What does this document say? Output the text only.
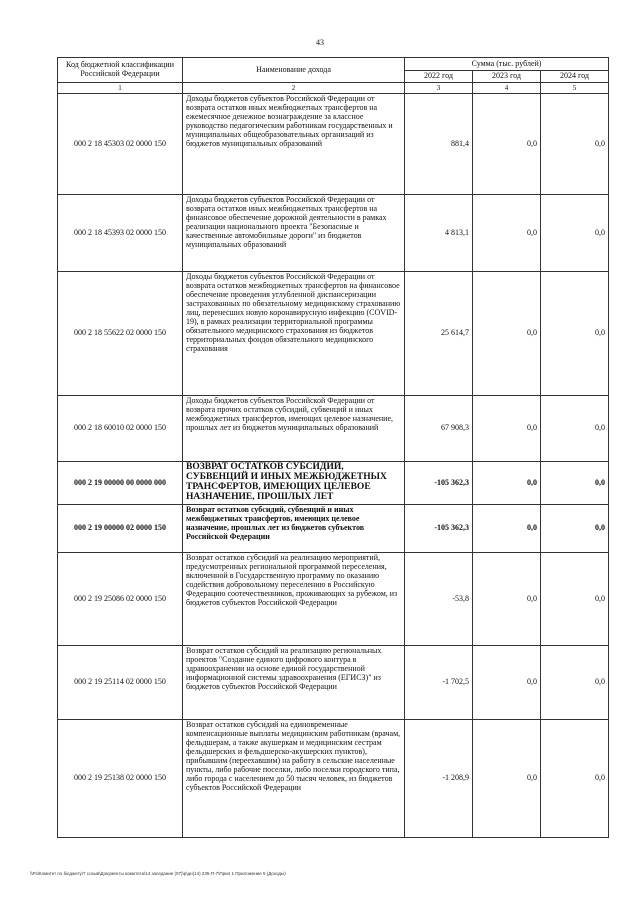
43
Код бюджетной классификации Российской Федерации	Наименование дохода	Сумма (тыс. рублей)		
		2022 год	2023 год	2024 год
1	2	3	4	5
000 2 18 45303 02 0000 150	Доходы бюджетов субъектов Российской Федерации от возврата остатков иных межбюджетных трансфертов на ежемесячное денежное вознаграждение за классное руководство педагогическим работникам государственных и муниципальных общеобразовательных организаций из бюджетов муниципальных образований	881,4	0,0	0,0
000 2 18 45393 02 0000 150	Доходы бюджетов субъектов Российской Федерации от возврата остатков иных межбюджетных трансфертов на финансовое обеспечение дорожной деятельности в рамках реализации национального проекта "Безопасные и качественные автомобильные дороги" из бюджетов муниципальных образований	4 813,1	0,0	0,0
000 2 18 55622 02 0000 150	Доходы бюджетов субъектов Российской Федерации от возврата остатков межбюджетных трансфертов на финансовое обеспечение проведения углубленной диспансеризации застрахованных по обязательному медицинскому страхованию лиц, перенесших новую коронавирусную инфекцию (COVID-19), в рамках реализации территориальной программы обязательного медицинского страхования из бюджетов территориальных фондов обязательного медицинского страхования	25 614,7	0,0	0,0
000 2 18 60010 02 0000 150	Доходы бюджетов субъектов Российской Федерации от возврата прочих остатков субсидий, субвенций и иных межбюджетных трансфертов, имеющих целевое назначение, прошлых лет из бюджетов муниципальных образований	67 908,3	0,0	0,0
000 2 19 00000 00 0000 000	ВОЗВРАТ ОСТАТКОВ СУБСИДИЙ, СУБВЕНЦИЙ И ИНЫХ МЕЖБЮДЖЕТНЫХ ТРАНСФЕРТОВ, ИМЕЮЩИХ ЦЕЛЕВОЕ НАЗНАЧЕНИЕ, ПРОШЛЫХ ЛЕТ	-105 362,3	0,0	0,0
000 2 19 00000 02 0000 150	Возврат остатков субсидий, субвенций и иных межбюджетных трансфертов, имеющих целевое назначение, прошлых лет из бюджетов субъектов Российской Федерации	-105 362,3	0,0	0,0
000 2 19 25086 02 0000 150	Возврат остатков субсидий на реализацию мероприятий, предусмотренных региональной программой переселения, включенной в Государственную программу по оказанию содействия добровольному переселению в Российскую Федерацию соотечественников, проживающих за рубежом, из бюджетов субъектов Российской Федерации	-53,8	0,0	0,0
000 2 19 25114 02 0000 150	Возврат остатков субсидий на реализацию региональных проектов "Создание единого цифрового контура в здравоохранении на основе единой государственной информационной системы здравоохранения (ЕГИСЗ)" из бюджетов субъектов Российской Федерации	-1 702,5	0,0	0,0
000 2 19 25138 02 0000 150	Возврат остатков субсидий на единовременные компенсационные выплаты медицинским работникам (врачам, фельдшерам, а также акушеркам и медицинским сестрам фельдшерских и фельдшерско-акушерских пунктов), прибывшим (переехавшим) на работу в сельские населенные пункты, либо рабочие поселки, либо поселки городского типа, либо города с населением до 50 тысяч человек, из бюджетов субъектов Российской Федерации	-1 208,9	0,0	0,0
\\Ps\Комитет по бюджету\7 созыв\Документы комитета\14 заседание (07)\р\дн(14) 235-П-7\Прил 1 Приложение 5 (Доходы)
